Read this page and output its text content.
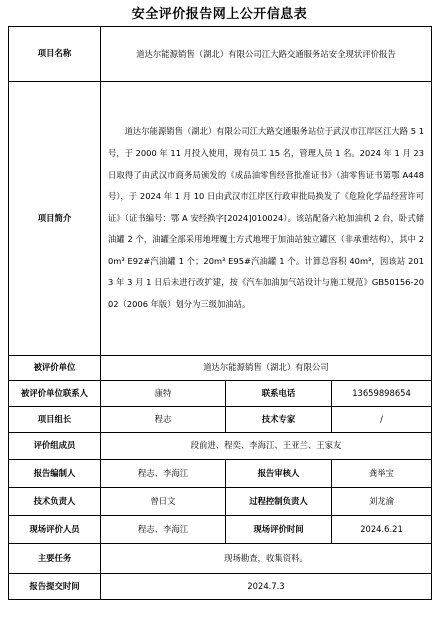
安全评价报告网上公开信息表
项目名称	道达尔能源销售（湖北）有限公司江大路交通服务站安全现状评价报告		

项目简介	道达尔能源销售（湖北）有限公司江大路交通服务站位于武汉市江岸区江大路 5 1 号，于 2000 年 11 月投入使用，现有员工 15 名，管理人员 1 名。2024 年 1 月 23 日取得了由武汉市商务局颁发的《成品油零售经营批准证书》（油零售证书第鄂 A448 号），于 2024 年 1 月 10 日由武汉市江岸区行政审批局换发了《危险化学品经营许可证》（证书编号：鄂 A 安经换字[2024]010024）。该站配备六枪加油机 2 台，卧式储油罐 2 个，油罐全部采用地埋覆土方式地埋于加油站独立罐区（非承重结构），其中 20m³ E92#汽油罐 1 个；20m³ E95#汽油罐 1 个。计算总容积 40m³，因该站 2013 年 3 月 1 日后未进行改扩建，按《汽车加油加气站设计与施工规范》GB50156-2002（2006 年版）划分为三级加油站。		

被评价单位	道达尔能源销售（湖北）有限公司		
被评价单位联系人	康特	联系电话	13659898654
项目组长	程志	技术专家	/
评价组成员	段前进、程奕、李海江、王亚兰、王家友		
报告编制人	程志、李海江	报告审核人	龚举宝
技术负责人	曾日文	过程控制负责人	刘龙渝
现场评价人员	程志、李海江	现场评价时间	2024.6.21
主要任务	现场勘查，收集资料。		
报告提交时间	2024.7.3		
